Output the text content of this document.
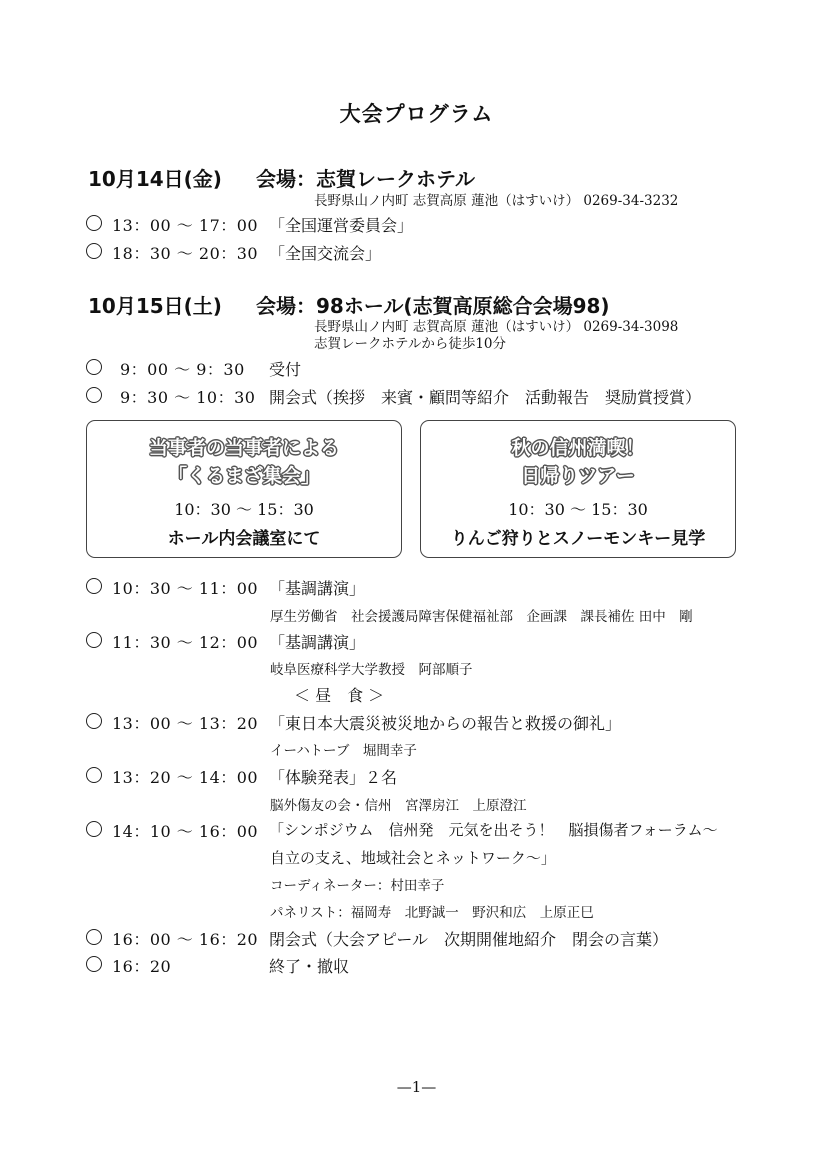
大会プログラム
10月14日(金) 会場：志賀レークホテル
長野県山ノ内町 志賀高原 蓮池（はすいけ） 0269-34-3232
13：00 ～ 17：00 「全国運営委員会」
18：30 ～ 20：30 「全国交流会」
10月15日(土) 会場：98ホール(志賀高原総合会場98)
長野県山ノ内町 志賀高原 蓮池（はすいけ） 0269-34-3098
志賀レークホテルから徒歩10分
9：00 ～ 9：30 受付
9：30 ～ 10：30 開会式（挨拶　来賓・顧問等紹介　活動報告　奨励賞授賞）
当事者の当事者による
「くるまざ集会」
10：30 ～ 15：30
ホール内会議室にて
秋の信州満喫！
日帰りツアー
10：30 ～ 15：30
りんご狩りとスノーモンキー見学
10：30 ～ 11：00 「基調講演」
厚生労働省　社会援護局障害保健福祉部　企画課　課長補佐 田中　剛
11：30 ～ 12：00 「基調講演」
岐阜医療科学大学教授　阿部順子
＜ 昼　食 ＞
13：00 ～ 13：20 「東日本大震災被災地からの報告と救援の御礼」
イーハトーブ　堀間幸子
13：20 ～ 14：00 「体験発表」２名
脳外傷友の会・信州　宮澤房江　上原澄江
14：10 ～ 16：00 「シンポジウム　信州発　元気を出そう！　脳損傷者フォーラム～
自立の支え、地域社会とネットワーク～」
コーディネーター：村田幸子
パネリスト：福岡寿　北野誠一　野沢和広　上原正巳
16：00 ～ 16：20 閉会式（大会アピール　次期開催地紹介　閉会の言葉）
16：20	終了・撤収
—1—
